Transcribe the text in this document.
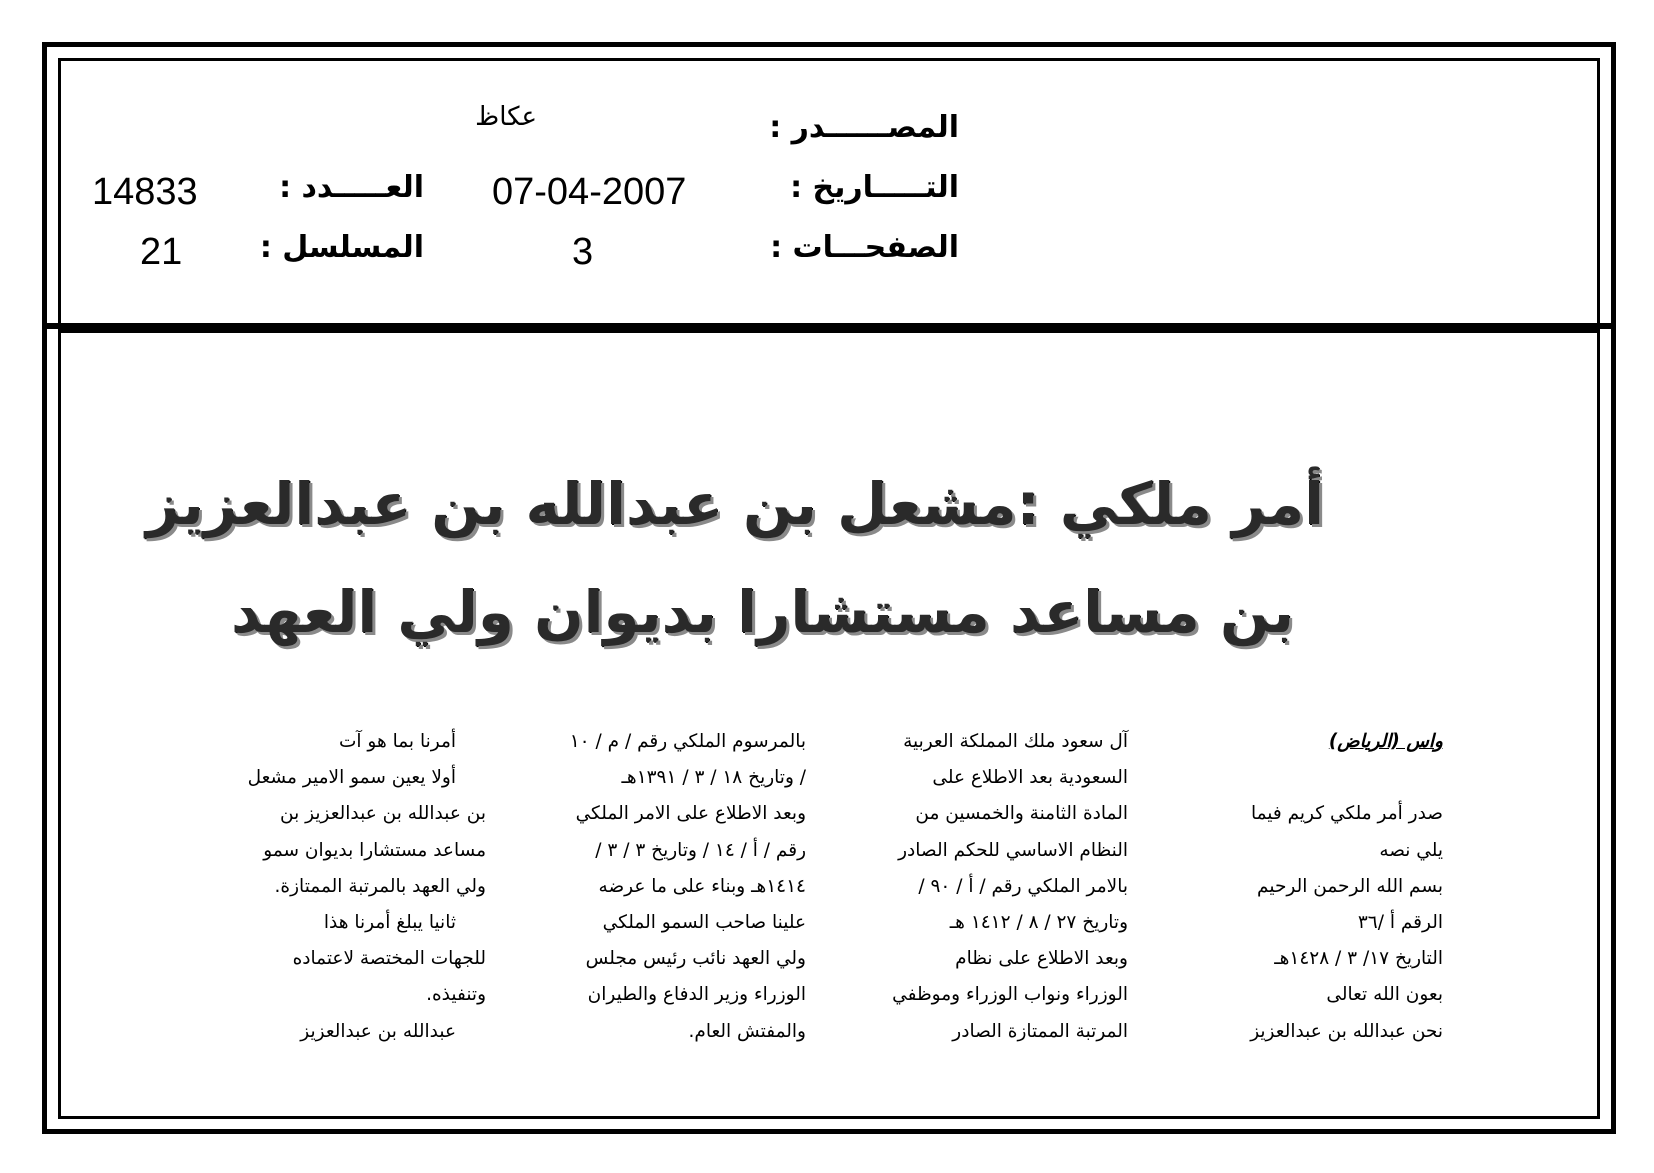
المصــــــدر :
عكاظ
التـــــاريخ :
07-04-2007
العـــــدد :
14833
الصفحـــات :
3
المسلسل :
21
أمر ملكي :مشعل بن عبدالله بن عبدالعزيز
بن مساعد مستشارا بديوان ولي العهد
واس (الرياض)

صدر أمر ملكي كريم فيما
يلي نصه
بسم الله الرحمن الرحيم
الرقم أ /٣٦
التاريخ ١٧/ ٣ / ١٤٢٨هـ
بعون الله تعالى
نحن عبدالله بن عبدالعزيز
آل سعود ملك المملكة العربية
السعودية بعد الاطلاع على
المادة الثامنة والخمسين من
النظام الاساسي للحكم الصادر
بالامر الملكي رقم / أ / ٩٠ /
وتاريخ ٢٧ / ٨ / ١٤١٢ هـ
وبعد الاطلاع على نظام
الوزراء ونواب الوزراء وموظفي
المرتبة الممتازة الصادر
بالمرسوم الملكي رقم / م / ١٠
/ وتاريخ ١٨ / ٣ / ١٣٩١هـ
وبعد الاطلاع على الامر الملكي
رقم / أ / ١٤ / وتاريخ ٣ / ٣ /
١٤١٤هـ وبناء على ما عرضه
علينا صاحب السمو الملكي
ولي العهد نائب رئيس مجلس
الوزراء وزير الدفاع والطيران
والمفتش العام.
أمرنا بما هو آت
أولا يعين سمو الامير مشعل
بن عبدالله بن عبدالعزيز بن
مساعد مستشارا بديوان سمو
ولي العهد بالمرتبة الممتازة.
ثانيا يبلغ أمرنا هذا
للجهات المختصة لاعتماده
وتنفيذه.
عبدالله بن عبدالعزيز
